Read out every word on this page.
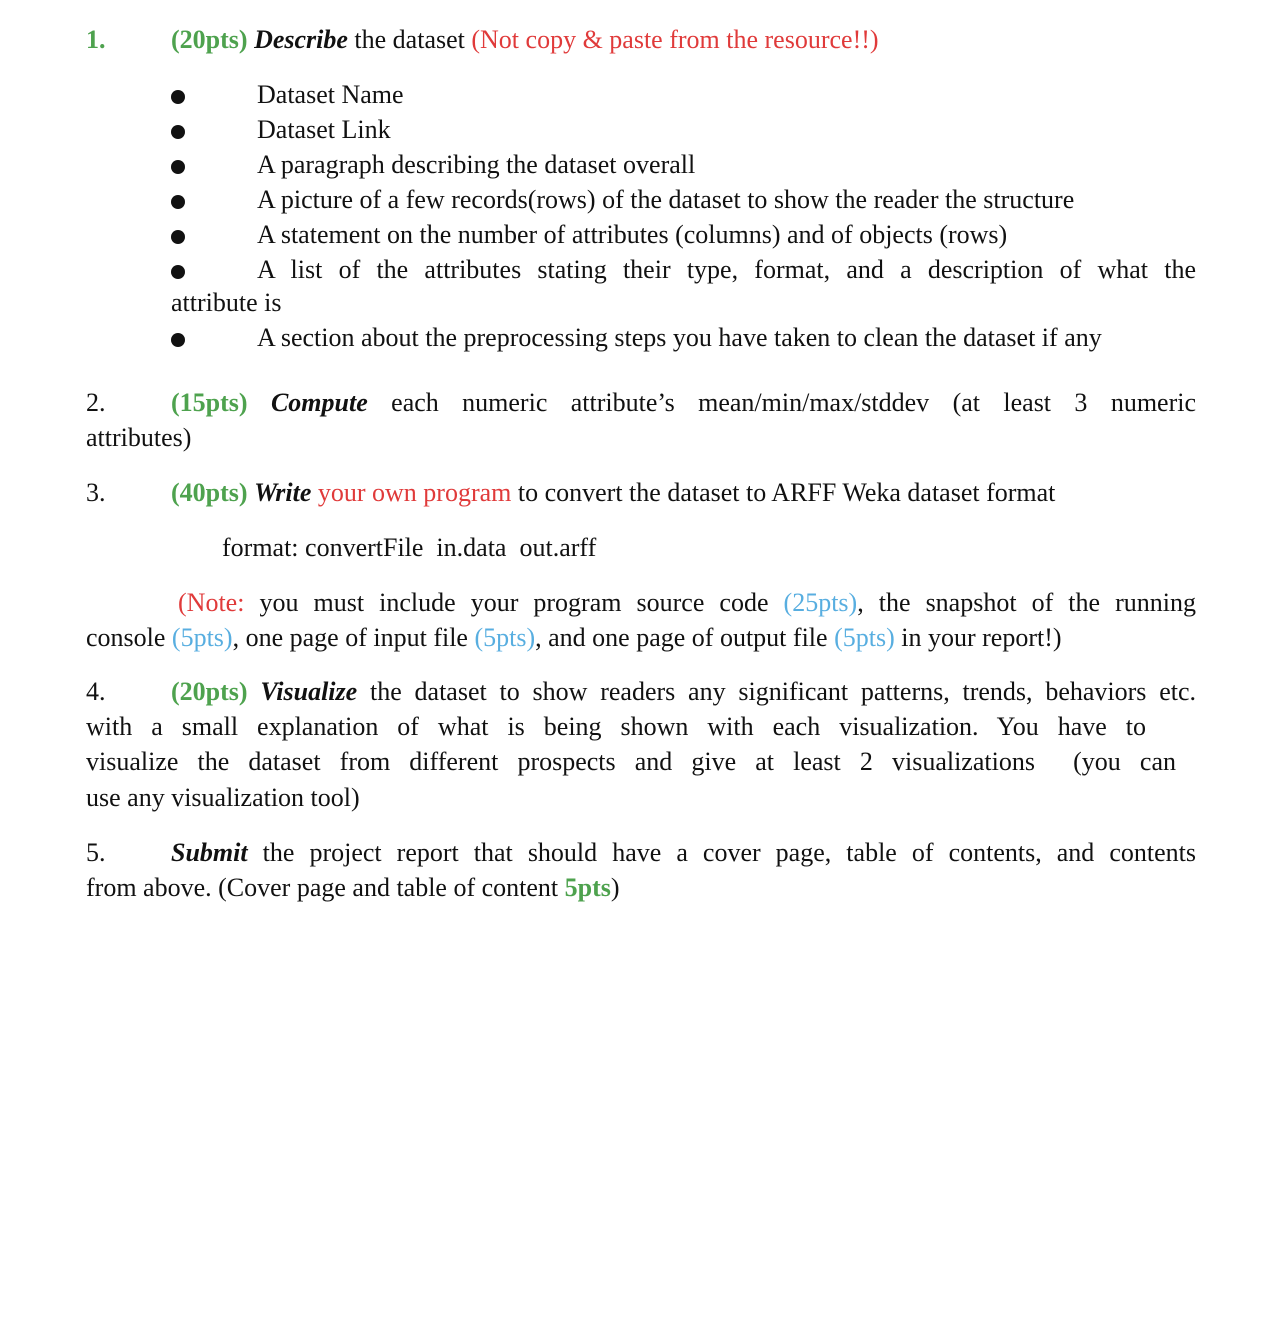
1.	(20pts) Describe the dataset (Not copy & paste from the resource!!)
Dataset Name
Dataset Link
A paragraph describing the dataset overall
A picture of a few records(rows) of the dataset to show the reader the structure
A statement on the number of attributes (columns) and of objects (rows)
A list of the attributes stating their type, format, and a description of what the
attribute is
A section about the preprocessing steps you have taken to clean the dataset if any
2.	(15pts) Compute each numeric attribute’s mean/min/max/stddev (at least 3 numeric
attributes)
3.	(40pts) Write your own program to convert the dataset to ARFF Weka dataset format
format: convertFile  in.data  out.arff
(Note: you must include your program source code (25pts), the snapshot of the running
console (5pts), one page of input file (5pts), and one page of output file (5pts) in your report!)
4.	(20pts) Visualize the dataset to show readers any significant patterns, trends, behaviors etc.
with a small explanation of what is being shown with each visualization. You have to
visualize the dataset from different prospects and give at least 2 visualizations  (you can
use any visualization tool)
5.	Submit the project report that should have a cover page, table of contents, and contents
from above. (Cover page and table of content 5pts)
